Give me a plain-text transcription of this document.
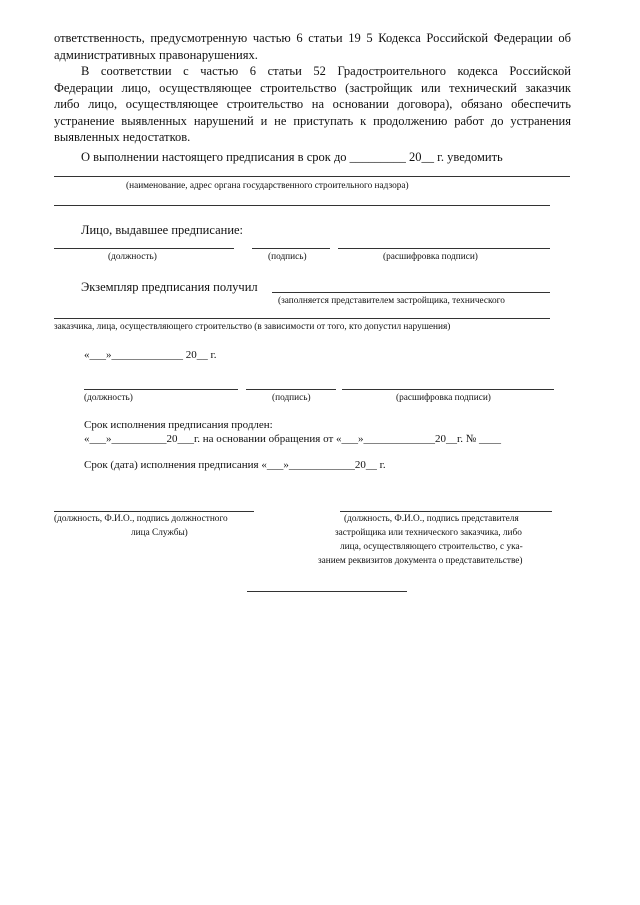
ответственность, предусмотренную частью 6 статьи 19 5 Кодекса Российской Федерации об
административных правонарушениях.
В соответствии с частью 6 статьи 52 Градостроительного кодекса Российской
Федерации лицо, осуществляющее строительство (застройщик или технический заказчик
либо лицо, осуществляющее строительство на основании договора), обязано обеспечить
устранение выявленных нарушений и не приступать к продолжению работ до устранения
выявленных недостатков.
О выполнении настоящего предписания в срок до _________ 20__ г. уведомить
(наименование, адрес органа государственного строительного надзора)
Лицо, выдавшее предписание:
(должность)	(подпись)	(расшифровка подписи)
Экземпляр предписания получил
(заполняется представителем застройщика, технического
заказчика, лица, осуществляющего строительство (в зависимости от того, кто допустил нарушения)
«___»_____________ 20__ г.
(должность)	(подпись)	(расшифровка подписи)
Срок исполнения предписания продлен:
«___»__________20___г. на основании обращения от «___»_____________20__г. № ____
Срок (дата) исполнения предписания «___»____________20__ г.
(должность, Ф.И.О., подпись должностного
лица Службы)
(должность, Ф.И.О., подпись представителя
застройщика или технического заказчика, либо
лица, осуществляющего строительство, с ука-
занием реквизитов документа о представительстве)
